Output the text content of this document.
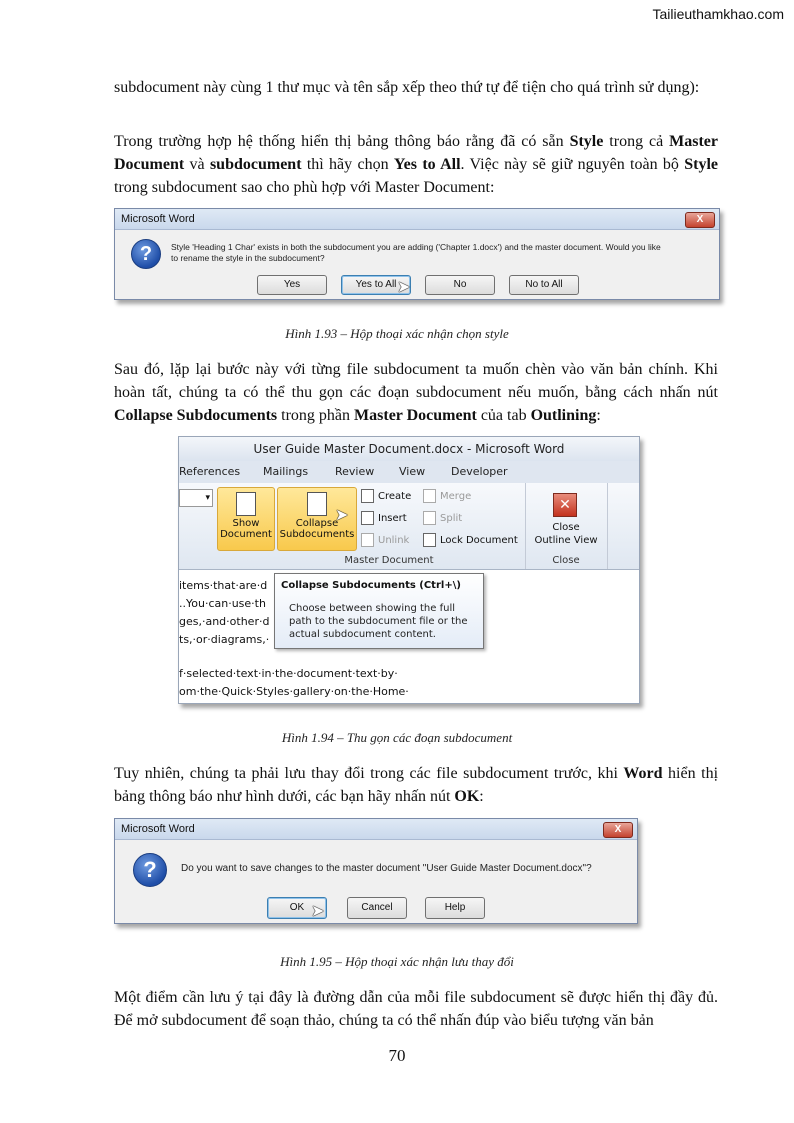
Tailieuthamkhao.com
subdocument này cùng 1 thư mục và tên sắp xếp theo thứ tự để tiện cho quá trình sử dụng):
Trong trường hợp hệ thống hiển thị bảng thông báo rằng đã có sẵn Style trong cả Master Document và subdocument thì hãy chọn Yes to All. Việc này sẽ giữ nguyên toàn bộ Style trong subdocument sao cho phù hợp với Master Document:
Microsoft Word	X
?	Style 'Heading 1 Char' exists in both the subdocument you are adding ('Chapter 1.docx') and the master document. Would you like
to rename the style in the subdocument?
Yes	Yes to All	No	No to All
➤
Hình 1.93 – Hộp thoại xác nhận chọn style
Sau đó, lặp lại bước này với từng file subdocument ta muốn chèn vào văn bản chính. Khi hoàn tất, chúng ta có thể thu gọn các đoạn subdocument nếu muốn, bằng cách nhấn nút Collapse Subdocuments trong phần Master Document của tab Outlining:
User Guide Master Document.docx - Microsoft Word
References Mailings Review View Developer
▾
Show
Document
Collapse
Subdocuments
➤
Create
Insert
Unlink
Merge
Split
Lock Document
Master Document
✕
Close
Outline View
Close
items·that·are·d
..You·can·use·th
ges,·and·other·d
ts,·or·diagrams,·
f·selected·text·in·the·document·text·by·
om·the·Quick·Styles·gallery·on·the·Home·
Collapse Subdocuments (Ctrl+\)
Choose between showing the full path to the subdocument file or the actual subdocument content.
Hình 1.94 – Thu gọn các đoạn subdocument
Tuy nhiên, chúng ta phải lưu thay đổi trong các file subdocument trước, khi Word hiển thị bảng thông báo như hình dưới, các bạn hãy nhấn nút OK:
Microsoft Word	X
?	Do you want to save changes to the master document "User Guide Master Document.docx"?
OK	Cancel	Help
➤
Hình 1.95 – Hộp thoại xác nhận lưu thay đổi
Một điểm cần lưu ý tại đây là đường dẫn của mỗi file subdocument sẽ được hiển thị đầy đủ. Để mở subdocument để soạn thảo, chúng ta có thể nhấn đúp vào biểu tượng văn bản
70
